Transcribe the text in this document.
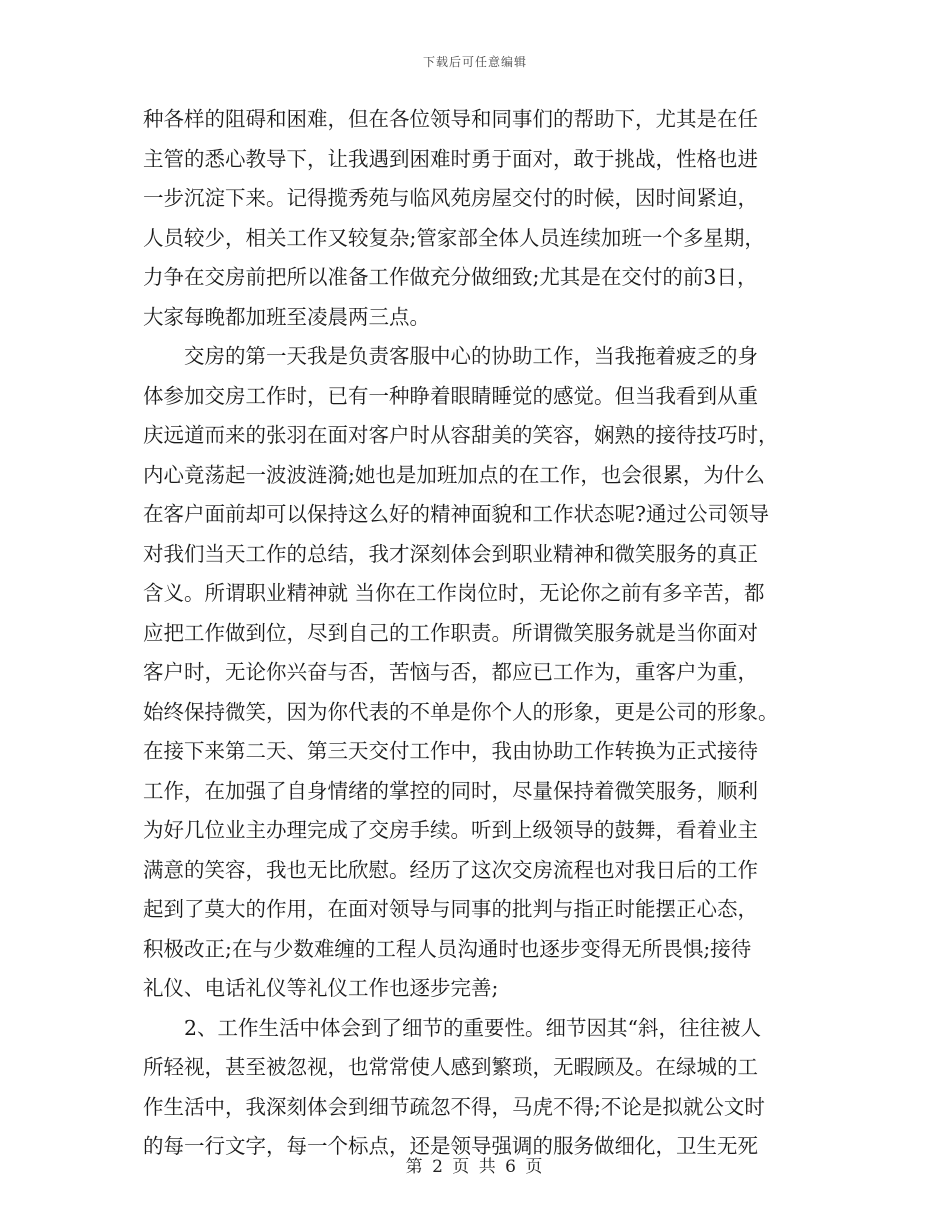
下载后可任意编辑
种各样的阻碍和困难，但在各位领导和同事们的帮助下，尤其是在任
主管的悉心教导下，让我遇到困难时勇于面对，敢于挑战，性格也进
一步沉淀下来。记得揽秀苑与临风苑房屋交付的时候，因时间紧迫，
人员较少，相关工作又较复杂;管家部全体人员连续加班一个多星期，
力争在交房前把所以准备工作做充分做细致;尤其是在交付的前3日，
大家每晚都加班至凌晨两三点。
交房的第一天我是负责客服中心的协助工作，当我拖着疲乏的身
体参加交房工作时，已有一种睁着眼睛睡觉的感觉。但当我看到从重
庆远道而来的张羽在面对客户时从容甜美的笑容，娴熟的接待技巧时，
内心竟荡起一波波涟漪;她也是加班加点的在工作，也会很累，为什么
在客户面前却可以保持这么好的精神面貌和工作状态呢?通过公司领导
对我们当天工作的总结，我才深刻体会到职业精神和微笑服务的真正
含义。所谓职业精神就 当你在工作岗位时，无论你之前有多辛苦，都
应把工作做到位，尽到自己的工作职责。所谓微笑服务就是当你面对
客户时，无论你兴奋与否，苦恼与否，都应已工作为，重客户为重，
始终保持微笑，因为你代表的不单是你个人的形象，更是公司的形象。
在接下来第二天、第三天交付工作中，我由协助工作转换为正式接待
工作，在加强了自身情绪的掌控的同时，尽量保持着微笑服务，顺利
为好几位业主办理完成了交房手续。听到上级领导的鼓舞，看着业主
满意的笑容，我也无比欣慰。经历了这次交房流程也对我日后的工作
起到了莫大的作用，在面对领导与同事的批判与指正时能摆正心态，
积极改正;在与少数难缠的工程人员沟通时也逐步变得无所畏惧;接待
礼仪、电话礼仪等礼仪工作也逐步完善;
2、工作生活中体会到了细节的重要性。细节因其“斜，往往被人
所轻视，甚至被忽视，也常常使人感到繁琐，无暇顾及。在绿城的工
作生活中，我深刻体会到细节疏忽不得，马虎不得;不论是拟就公文时
的每一行文字，每一个标点，还是领导强调的服务做细化，卫生无死
第 2 页 共 6 页
